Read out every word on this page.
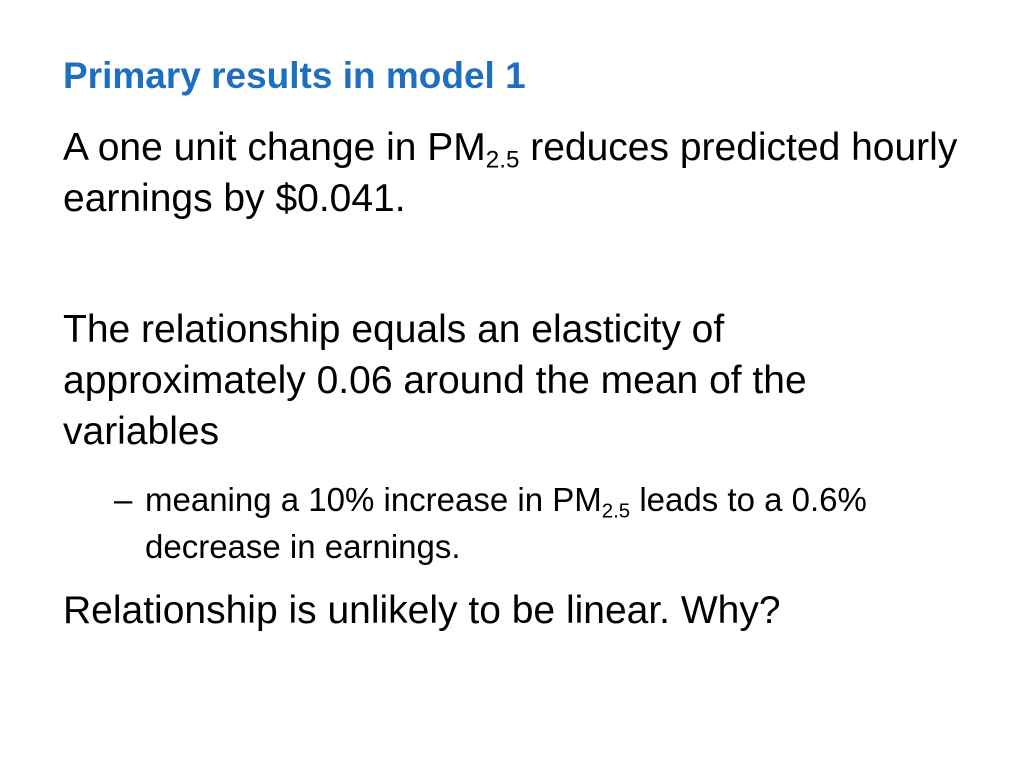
Primary results in model 1

A one unit change in $PM_{2.5}$ reduces predicted hourly earnings by $0.041.

The relationship equals an elasticity of approximately 0.06 around the mean of the variables

– meaning a 10% increase in $PM_{2.5}$ leads to a 0.6% decrease in earnings.

Relationship is unlikely to be linear. Why?
